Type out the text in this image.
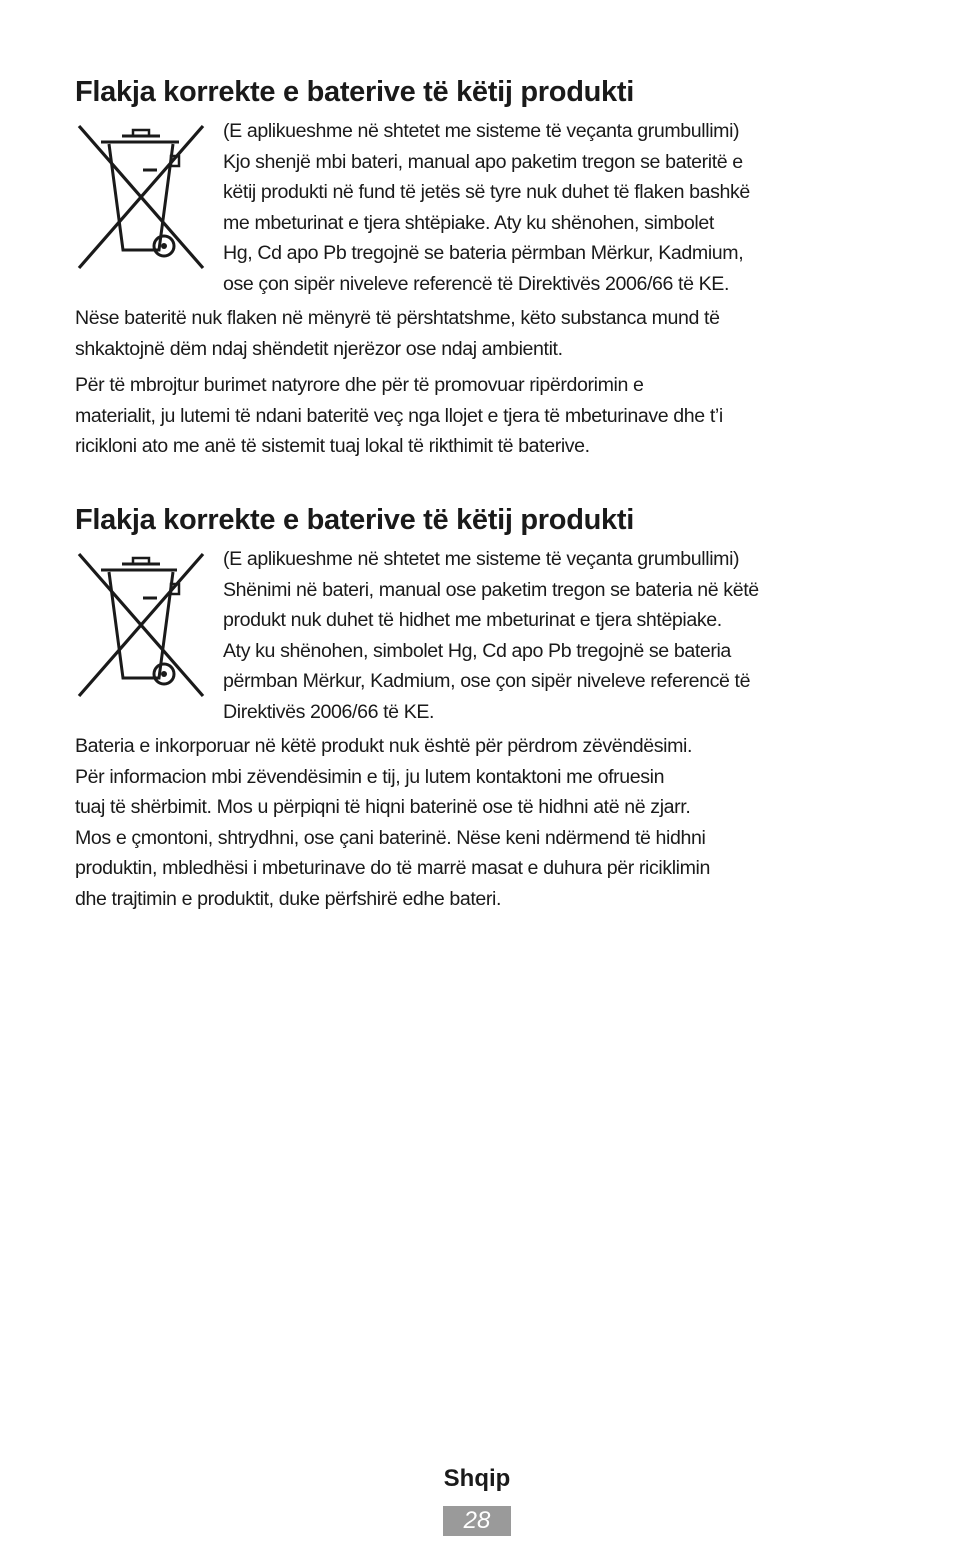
Flakja korrekte e baterive të këtij produkti
(E aplikueshme në shtetet me sisteme të veçanta grumbullimi)
Kjo shenjë mbi bateri, manual apo paketim tregon se bateritë e
këtij produkti në fund të jetës së tyre nuk duhet të flaken bashkë
me mbeturinat e tjera shtëpiake. Aty ku shënohen, simbolet
Hg, Cd apo Pb tregojnë se bateria përmban Mërkur, Kadmium,
ose çon sipër niveleve referencë të Direktivës 2006/66 të KE.
Nëse bateritë nuk flaken në mënyrë të përshtatshme, këto substanca mund të
shkaktojnë dëm ndaj shëndetit njerëzor ose ndaj ambientit.
Për të mbrojtur burimet natyrore dhe për të promovuar ripërdorimin e
materialit, ju lutemi të ndani bateritë veç nga llojet e tjera të mbeturinave dhe t’i
ricikloni ato me anë të sistemit tuaj lokal të rikthimit të baterive.
Flakja korrekte e baterive të këtij produkti
(E aplikueshme në shtetet me sisteme të veçanta grumbullimi)
Shënimi në bateri, manual ose paketim tregon se bateria në këtë
produkt nuk duhet të hidhet me mbeturinat e tjera shtëpiake.
Aty ku shënohen, simbolet Hg, Cd apo Pb tregojnë se bateria
përmban Mërkur, Kadmium, ose çon sipër niveleve referencë të
Direktivës 2006/66 të KE.
Bateria e inkorporuar në këtë produkt nuk është për përdrom zëvëndësimi.
Për informacion mbi zëvendësimin e tij, ju lutem kontaktoni me ofruesin
tuaj të shërbimit. Mos u përpiqni të hiqni baterinë ose të hidhni atë në zjarr.
Mos e çmontoni, shtrydhni, ose çani baterinë. Nëse keni ndërmend të hidhni
produktin, mbledhësi i mbeturinave do të marrë masat e duhura për riciklimin
dhe trajtimin e produktit, duke përfshirë edhe bateri.
Shqip
28
